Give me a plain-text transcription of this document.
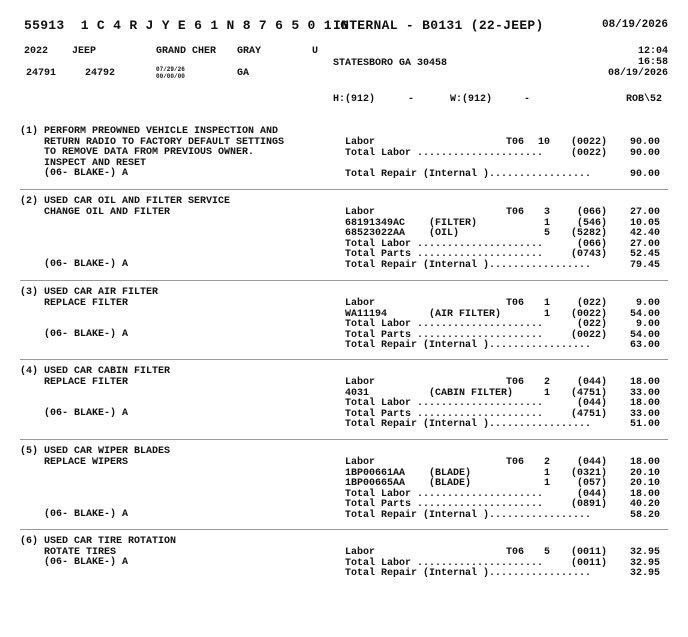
55913  1 C 4 R J Y E 6 1 N 8 7 6 5 0 1 6
INTERNAL - B0131 (22-JEEP)	08/19/2026
2022 JEEP	GRAND CHER GRAY	U	12:04
STATESBORO GA 30458	16:58
08/19/2026
24791	24792	07/29/26
00/00/00	GA
H:(912)	-	W:(912)	-	ROB\52
(1) PERFORM PREOWNED VEHICLE INSPECTION AND
RETURN RADIO TO FACTORY DEFAULT SETTINGS
TO REMOVE DATA FROM PREVIOUS OWNER.
INSPECT AND RESET
(06- BLAKE-) A
Labor	T06	10	(0022)	90.00
Total Labor .....................	(0022)	90.00
Total Repair (Internal ).................	90.00
(2) USED CAR OIL AND FILTER SERVICE
CHANGE OIL AND FILTER
(06- BLAKE-) A
Labor	T06	3	(066)	27.00
68191349AC    (FILTER)	1	(546)	10.05
68523022AA    (OIL)	5	(5282)	42.40
Total Labor .....................	(066)	27.00
Total Parts .....................	(0743)	52.45
Total Repair (Internal ).................	79.45
(3) USED CAR AIR FILTER
REPLACE FILTER
(06- BLAKE-) A
Labor	T06	1	(022)	9.00
WA11194       (AIR FILTER)	1	(0022)	54.00
Total Labor .....................	(022)	9.00
Total Parts .....................	(0022)	54.00
Total Repair (Internal ).................	63.00
(4) USED CAR CABIN FILTER
REPLACE FILTER
(06- BLAKE-) A
Labor	T06	2	(044)	18.00
4031          (CABIN FILTER)	1	(4751)	33.00
Total Labor .....................	(044)	18.00
Total Parts .....................	(4751)	33.00
Total Repair (Internal ).................	51.00
(5) USED CAR WIPER BLADES
REPLACE WIPERS
(06- BLAKE-) A
Labor	T06	2	(044)	18.00
1BP00661AA    (BLADE)	1	(0321)	20.10
1BP00665AA    (BLADE)	1	(057)	20.10
Total Labor .....................	(044)	18.00
Total Parts .....................	(0891)	40.20
Total Repair (Internal ).................	58.20
(6) USED CAR TIRE ROTATION
ROTATE TIRES
(06- BLAKE-) A
Labor	T06	5	(0011)	32.95
Total Labor .....................	(0011)	32.95
Total Repair (Internal ).................	32.95
